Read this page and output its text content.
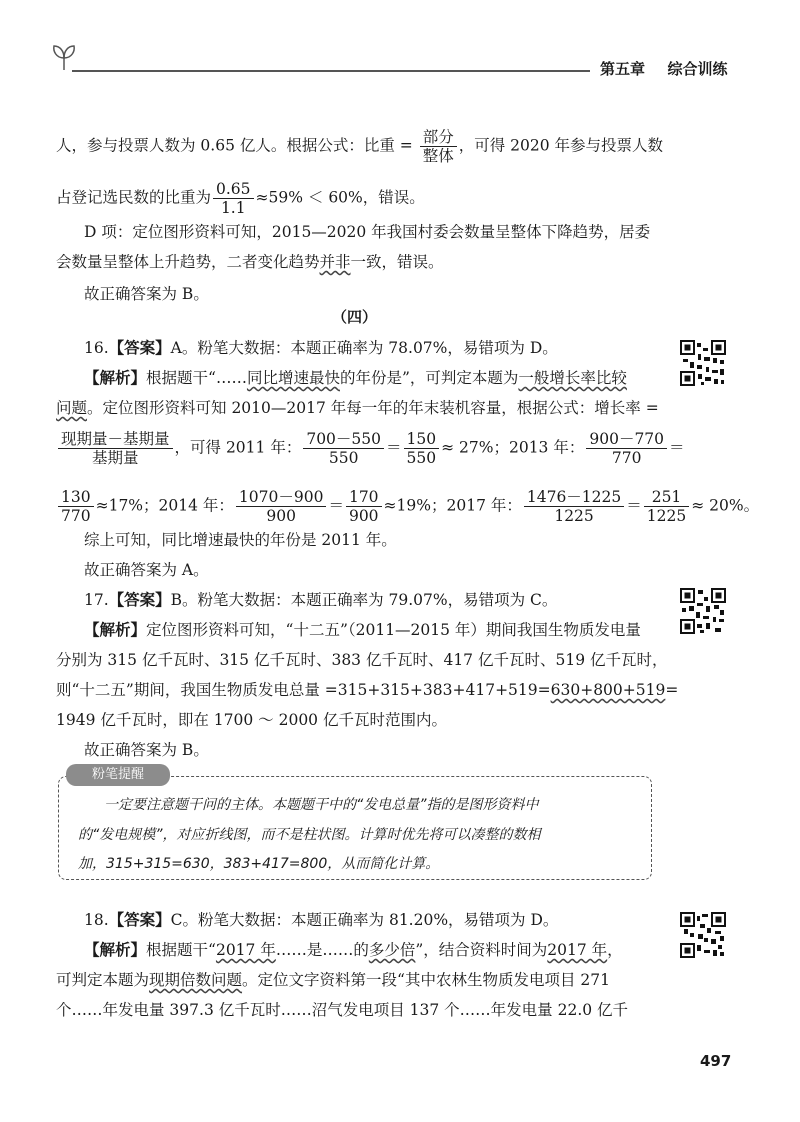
第五章 综合训练
人，参与投票人数为 0.65 亿人。根据公式：比重 = $\frac{\text{部分}}{\text{整体}}$ ，可得 2020 年参与投票人数
占登记选民数的比重为 $\frac{0.65}{1.1} \approx 59\% < 60\%$，错误。
D 项：定位图形资料可知，2015—2020 年我国村委会数量呈整体下降趋势，居委
会数量呈整体上升趋势，二者变化趋势并非一致，错误。
故正确答案为 B。
（四）
16.【答案】A。粉笔大数据：本题正确率为 78.07%，易错项为 D。
【解析】根据题干“……同比增速最快的年份是”，可判定本题为一般增长率比较
问题。定位图形资料可知 2010—2017 年每一年的年末装机容量，根据公式：增长率 =
$\frac{\text{现期量－基期量}}{\text{基期量}}$ ，可得 2011 年： $\frac{700-550}{550} = \frac{150}{550} \approx 27\%$；2013 年： $\frac{900-770}{770}$ ＝
$\frac{130}{770} \approx 17\%$；2014 年： $\frac{1070-900}{900} = \frac{170}{900} \approx 19\%$；2017 年： $\frac{1476-1225}{1225} = \frac{251}{1225} \approx 20\%$。
综上可知，同比增速最快的年份是 2011 年。
故正确答案为 A。
17.【答案】B。粉笔大数据：本题正确率为 79.07%，易错项为 C。
【解析】定位图形资料可知，“十二五”（2011—2015 年）期间我国生物质发电量
分别为 315 亿千瓦时、315 亿千瓦时、383 亿千瓦时、417 亿千瓦时、519 亿千瓦时，
则“十二五”期间，我国生物质发电总量 =315+315+383+417+519=630+800+519=
1949 亿千瓦时，即在 1700 ～ 2000 亿千瓦时范围内。
故正确答案为 B。
粉笔提醒
一定要注意题干问的主体。本题题干中的“发电总量”指的是图形资料中
的“发电规模”，对应折线图，而不是柱状图。计算时优先将可以凑整的数相
加，315+315=630，383+417=800，从而简化计算。
18.【答案】C。粉笔大数据：本题正确率为 81.20%，易错项为 D。
【解析】根据题干“2017 年……是……的多少倍”，结合资料时间为2017 年，
可判定本题为现期倍数问题。定位文字资料第一段“其中农林生物质发电项目 271
个……年发电量 397.3 亿千瓦时……沼气发电项目 137 个……年发电量 22.0 亿千
497
